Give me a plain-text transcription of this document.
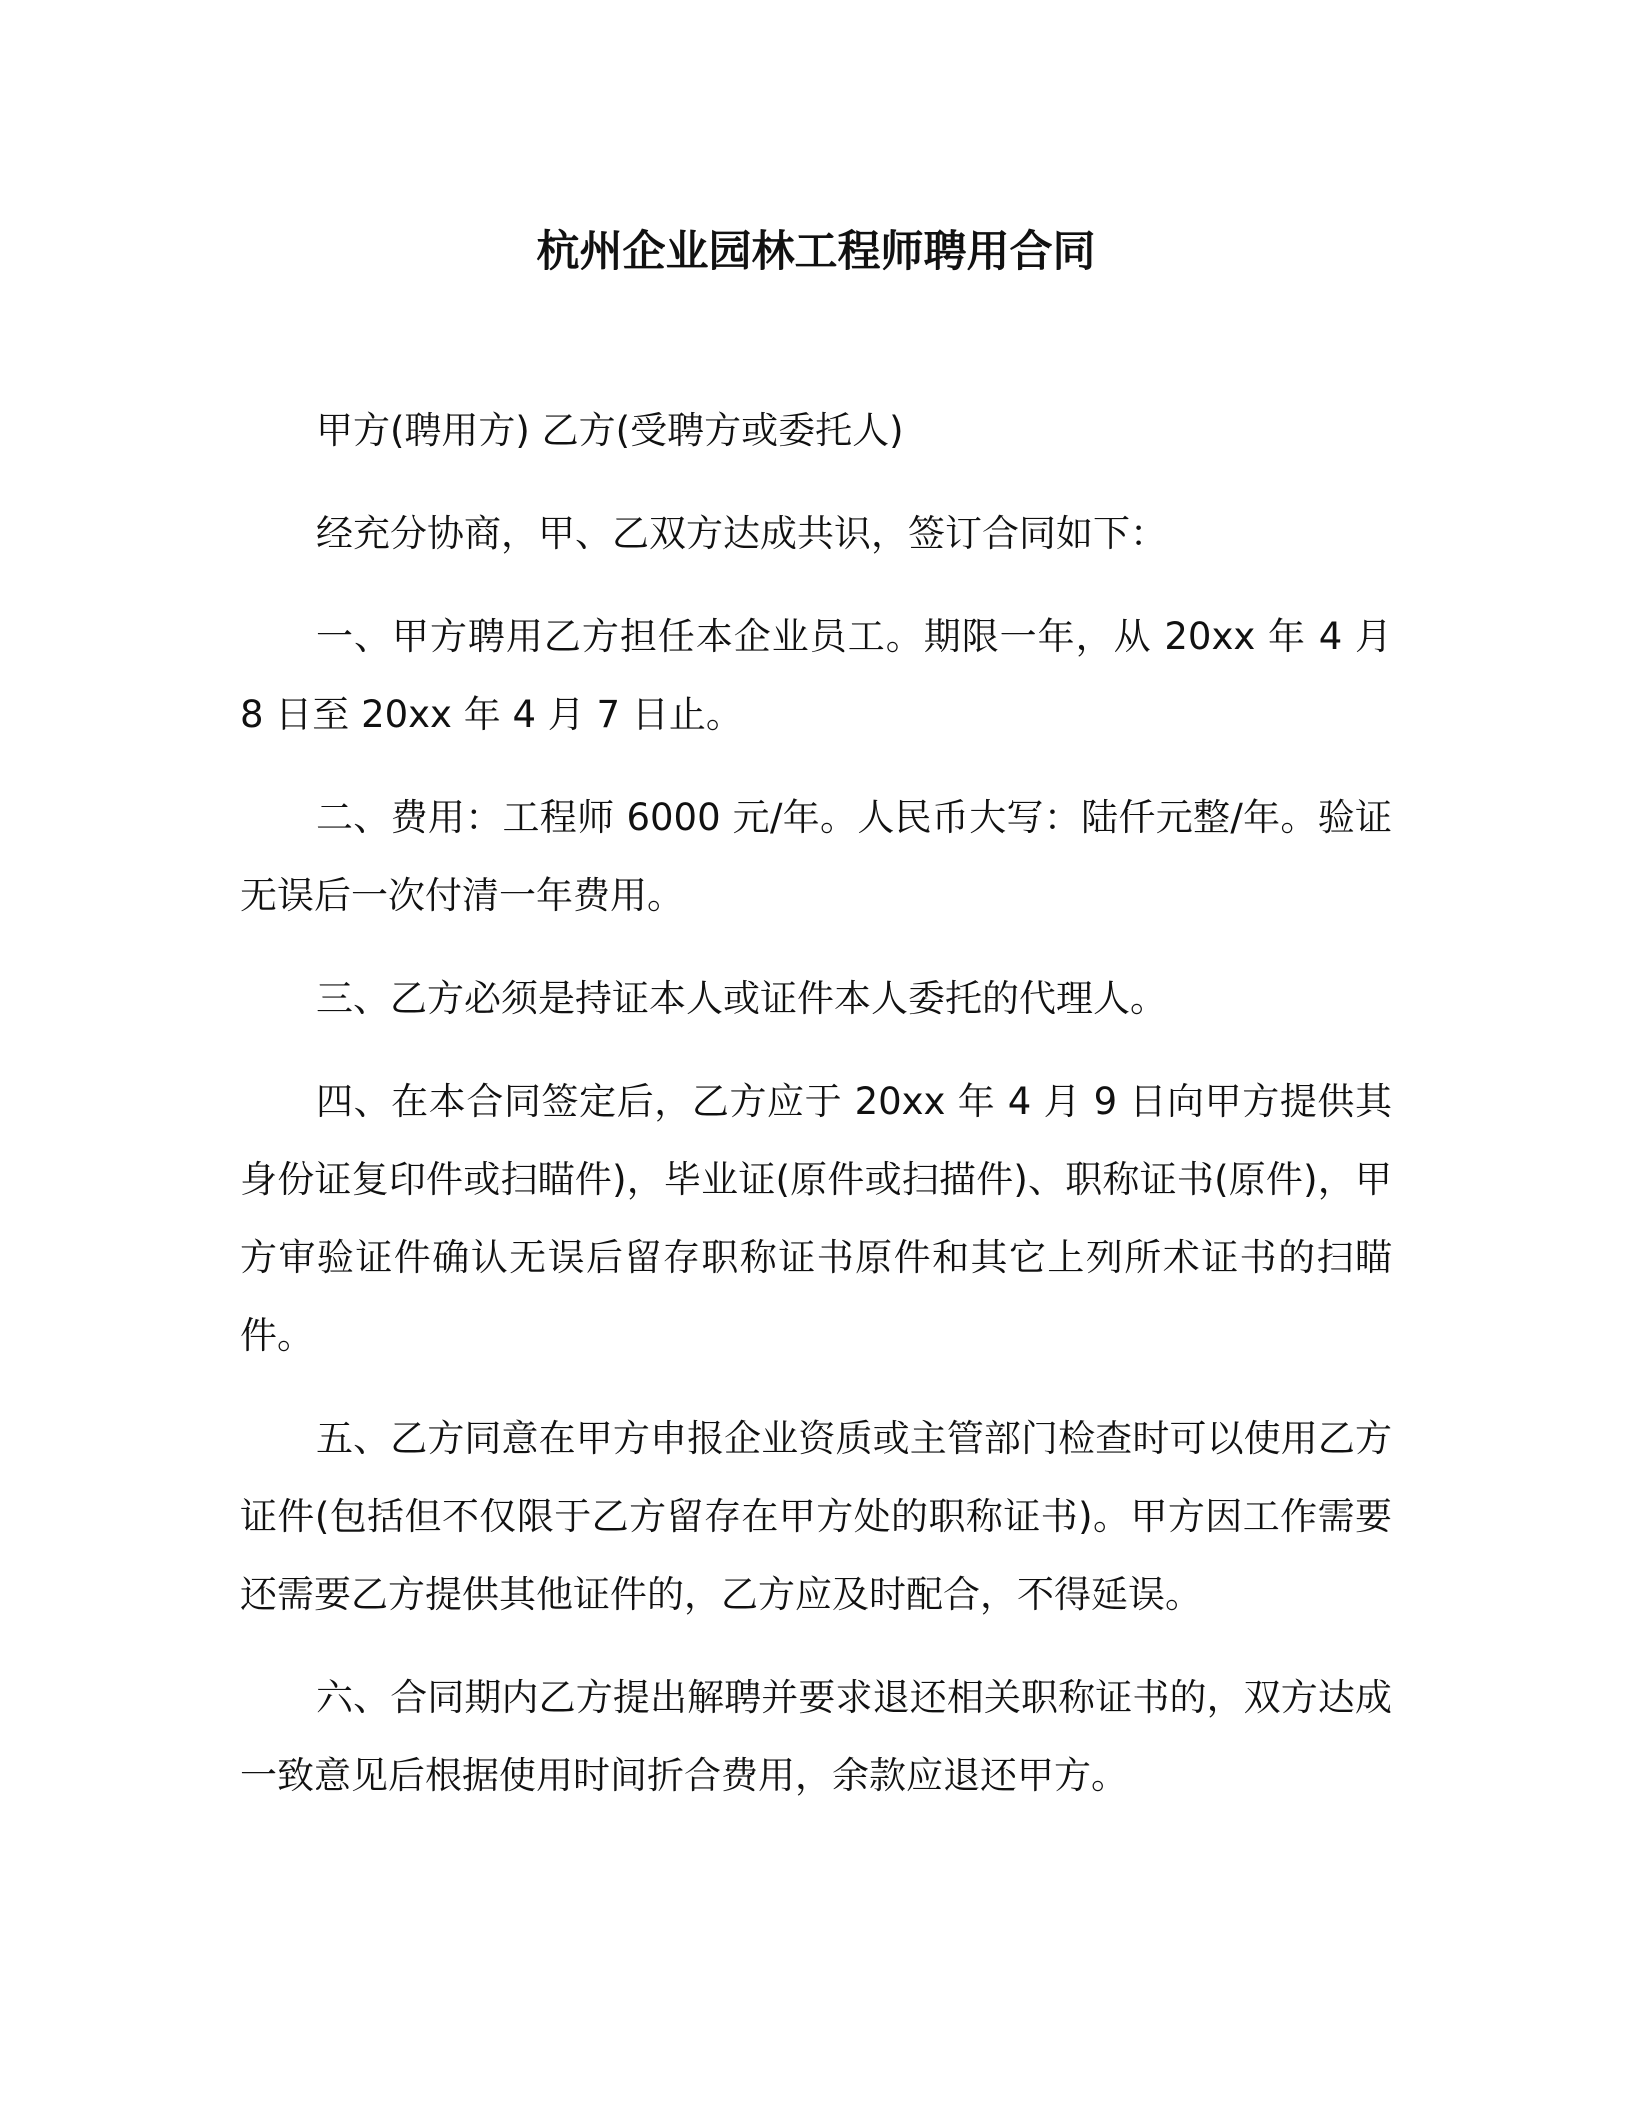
杭州企业园林工程师聘用合同

甲方(聘用方) 乙方(受聘方或委托人)

经充分协商，甲、乙双方达成共识，签订合同如下：

一、甲方聘用乙方担任本企业员工。期限一年，从 20xx 年 4 月 8 日至 20xx 年 4 月 7 日止。

二、费用：工程师 6000 元/年。人民币大写：陆仟元整/年。验证无误后一次付清一年费用。

三、乙方必须是持证本人或证件本人委托的代理人。

四、在本合同签定后，乙方应于 20xx 年 4 月 9 日向甲方提供其身份证复印件或扫瞄件)，毕业证(原件或扫描件)、职称证书(原件)，甲方审验证件确认无误后留存职称证书原件和其它上列所术证书的扫瞄件。

五、乙方同意在甲方申报企业资质或主管部门检查时可以使用乙方证件(包括但不仅限于乙方留存在甲方处的职称证书)。甲方因工作需要还需要乙方提供其他证件的，乙方应及时配合，不得延误。

六、合同期内乙方提出解聘并要求退还相关职称证书的，双方达成一致意见后根据使用时间折合费用，余款应退还甲方。
